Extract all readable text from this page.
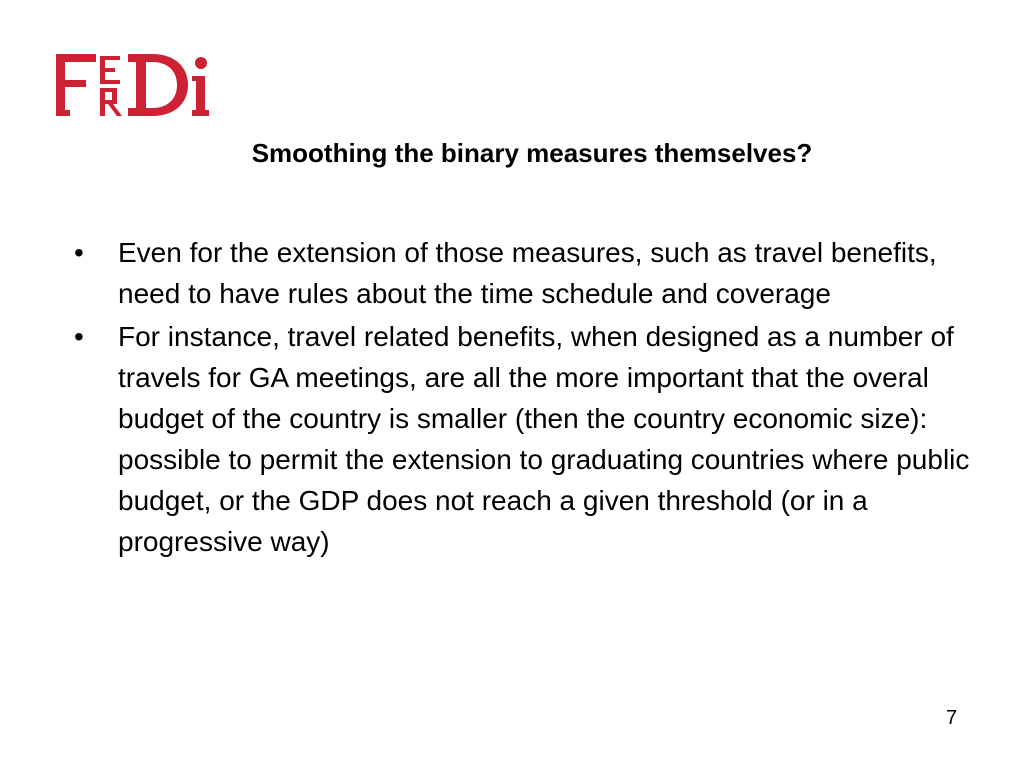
Smoothing the binary measures themselves?
• Even for the extension of those measures, such as travel benefits, need to have rules about the time schedule and coverage
• For instance, travel related benefits, when designed as a number of travels for GA meetings, are all the more important that the overal budget of the country is smaller (then the country economic size): possible to permit the extension to graduating countries where public budget, or the GDP does not reach a given threshold (or in a progressive way)
7
